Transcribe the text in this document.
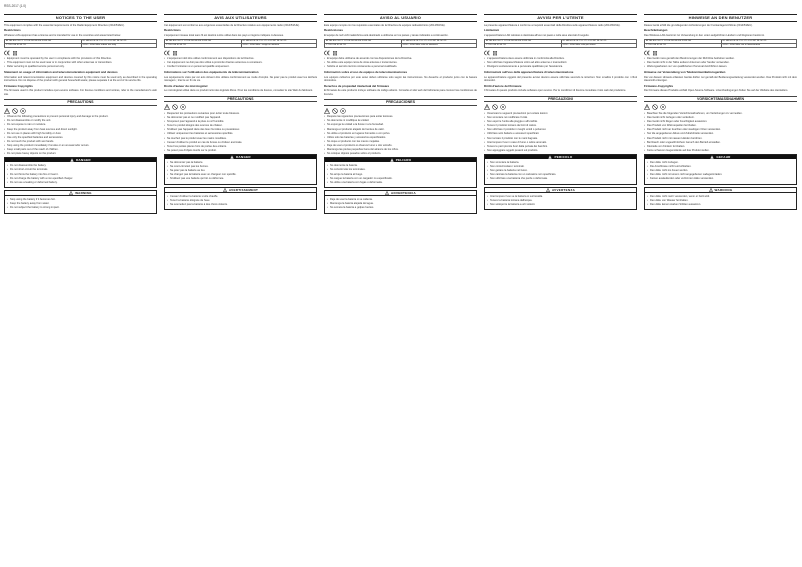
RSS-2017 (1.0)
NOTICES TO THE USER
This equipment complies with the essential requirements of the Radio Equipment Directive (2014/53/EU).
Restrictions
Wireless LAN equipment has a license and is intended for use in the countries and areas listed below.
AT BE BG CH CY CZ DE DK EE ES FI FR GB	EL HR HU IE IS IT LI LT LU LV MT NL NO PL
PT RO SE SI SK TR	5150 – 5350 MHz: indoor use only
• Equipment must be operated by the user in compliance with the provisions of this Directive.
• This equipment must not be used near or in conjunction with other antennas or transmitters.
• Refer servicing to qualified service personnel only.
Statement on usage of information and telecommunication equipment and devices
Information and telecommunication equipment and devices covered by this notice must be used only as described in the operating instructions. Do not dispose of the product with general household waste; please separate it at the end of its service life.
Firmware Copyrights
The firmware used in this product includes open-source software. For license conditions and notices, refer to the manufacturer's web site.
PRECAUTIONS
• Observe the following precautions to prevent personal injury and damage to the product.
• Do not disassemble or modify the unit.
• Do not expose to rain or moisture.
• Keep the product away from heat sources and direct sunlight.
• Do not use in places with high humidity or dust.
• Use only the specified batteries and accessories.
• Do not touch the product with wet hands.
• Stop using the product immediately if smoke or an unusual odor occurs.
• Keep small parts out of the reach of children.
• Do not place heavy objects on the product.
DANGER
• Do not disassemble the battery.
• Do not short-circuit the terminals.
• Do not throw the battery into fire or heat it.
• Do not charge the battery with a non-specified charger.
• Do not use a leaking or deformed battery.
WARNING
• Stop using the battery if it becomes hot.
• Keep the battery away from water.
• Do not subject the battery to strong impact.
AVIS AUX UTILISATEURS
Cet équipement est conforme aux exigences essentielles de la Directive relative aux équipements radio (2014/53/UE).
Restrictions
L'équipement réseau local sans fil est destiné à être utilisé dans les pays et régions indiqués ci-dessous.
AT BE BG CH CY CZ DE DK EE ES FI FR GB	EL HR HU IE IS IT LI LT LU LV MT NL NO PL
PT RO SE SI SK TR	5150 – 5350 MHz : usage en intérieur
• L'équipement doit être utilisé conformément aux dispositions de la Directive.
• Cet équipement ne doit pas être utilisé à proximité d'autres antennes ou émetteurs.
• Confiez l'entretien à un personnel qualifié uniquement.
Informations sur l'utilisation des équipements de télécommunication
Les équipements visés par cet avis doivent être utilisés conformément au mode d'emploi. Ne jetez pas le produit avec les déchets ménagers ; triez-le en fin de vie.
Droits d'auteur du micrologiciel
Le micrologiciel utilisé dans ce produit inclut des logiciels libres. Pour les conditions de licence, consultez le site Web du fabricant.
PRÉCAUTIONS
• Respectez les précautions suivantes pour éviter toute blessure.
• Ne démontez pas et ne modifiez pas l'appareil.
• N'exposez pas l'appareil à la pluie ou à l'humidité.
• Tenez le produit éloigné des sources de chaleur.
• N'utilisez pas l'appareil dans des lieux humides ou poussiéreux.
• Utilisez uniquement les batteries et accessoires spécifiés.
• Ne touchez pas le produit avec les mains mouillées.
• Cessez d'utiliser le produit en cas de fumée ou d'odeur anormale.
• Tenez les petites pièces hors de portée des enfants.
• Ne posez pas d'objets lourds sur le produit.
DANGER
• Ne démontez pas la batterie.
• Ne court-circuitez pas les bornes.
• Ne jetez pas la batterie au feu.
• Ne chargez pas la batterie avec un chargeur non spécifié.
• N'utilisez pas une batterie qui fuit ou déformée.
AVERTISSEMENT
• Cessez d'utiliser la batterie si elle chauffe.
• Tenez la batterie éloignée de l'eau.
• Ne soumettez pas la batterie à des chocs violents.
AVISO AL USUARIO
Este equipo cumple con los requisitos esenciales de la Directiva de equipos radioeléctricos (2014/53/UE).
Restricciones
El equipo de red LAN inalámbrica está destinado a utilizarse en los países y áreas indicados a continuación.
AT BE BG CH CY CZ DE DK EE ES FI FR GB	EL HR HU IE IS IT LI LT LU LV MT NL NO PL
PT RO SE SI SK TR	5150 – 5350 MHz: solo en interiores
• El equipo debe utilizarse de acuerdo con las disposiciones de la Directiva.
• No utilice este equipo cerca de otras antenas o transmisores.
• Solicite el servicio técnico únicamente a personal cualificado.
Información sobre el uso de equipos de telecomunicaciones
Los equipos cubiertos por este aviso deben utilizarse solo según las instrucciones. No deseche el producto junto con la basura doméstica.
Derechos de propiedad intelectual del firmware
El firmware de este producto incluye software de código abierto. Consulte el sitio web del fabricante para conocer las condiciones de licencia.
PRECAUCIONES
• Respete las siguientes precauciones para evitar lesiones.
• No desmonte ni modifique la unidad.
• No exponga la unidad a la lluvia ni a la humedad.
• Mantenga el producto alejado de fuentes de calor.
• No utilice el producto en lugares húmedos o con polvo.
• Utilice solo las baterías y accesorios especificados.
• No toque el producto con las manos mojadas.
• Deje de usar el producto si observa humo u olor extraño.
• Mantenga las piezas pequeñas fuera del alcance de los niños.
• No coloque objetos pesados sobre el producto.
PELIGRO
• No desmonte la batería.
• No cortocircuite los terminales.
• No arroje la batería al fuego.
• No cargue la batería con un cargador no especificado.
• No utilice una batería con fugas o deformada.
ADVERTENCIA
• Deje de usar la batería si se calienta.
• Mantenga la batería alejada del agua.
• No someta la batería a golpes fuertes.
AVVISI PER L'UTENTE
La presente apparecchiatura è conforme ai requisiti essenziali della Direttiva sulle apparecchiature radio (2014/53/UE).
Limitazioni
L'apparecchiatura LAN wireless è destinata all'uso nei paesi e nelle aree elencati di seguito.
AT BE BG CH CY CZ DE DK EE ES FI FR GB	EL HR HU IE IS IT LI LT LU LV MT NL NO PL
PT RO SE SI SK TR	5150 – 5350 MHz: solo per interni
• L'apparecchiatura deve essere utilizzata in conformità alla Direttiva.
• Non utilizzare l'apparecchiatura vicino ad altre antenne o trasmettitori.
• Rivolgersi esclusivamente a personale qualificato per l'assistenza.
Informazioni sull'uso delle apparecchiature di telecomunicazione
Le apparecchiature oggetto del presente avviso devono essere utilizzate secondo le istruzioni. Non smaltire il prodotto con i rifiuti domestici.
Diritti d'autore del firmware
Il firmware di questo prodotto include software open source. Per le condizioni di licenza consultare il sito web del produttore.
PRECAUZIONI
• Osservare le seguenti precauzioni per evitare lesioni.
• Non smontare né modificare l'unità.
• Non esporre l'unità alla pioggia o all'umidità.
• Tenere il prodotto lontano da fonti di calore.
• Non utilizzare il prodotto in luoghi umidi o polverosi.
• Utilizzare solo batterie e accessori specificati.
• Non toccare il prodotto con le mani bagnate.
• Interrompere l'uso in caso di fumo o odore anomalo.
• Tenere le parti piccole fuori dalla portata dei bambini.
• Non appoggiare oggetti pesanti sul prodotto.
PERICOLO
• Non smontare la batteria.
• Non cortocircuitare i terminali.
• Non gettare la batteria nel fuoco.
• Non caricare la batteria con un caricatore non specificato.
• Non utilizzare una batteria che perde o deformata.
AVVERTENZA
• Interrompere l'uso se la batteria si surriscalda.
• Tenere la batteria lontana dall'acqua.
• Non sottoporre la batteria a urti violenti.
HINWEISE AN DEN BENUTZER
Dieses Gerät erfüllt die grundlegenden Anforderungen der Funkanlagenrichtlinie (2014/53/EU).
Beschränkungen
Das Wireless-LAN-Gerät ist zur Verwendung in den unten aufgeführten Ländern und Regionen bestimmt.
AT BE BG CH CY CZ DE DK EE ES FI FR GB	EL HR HU IE IS IT LI LT LU LV MT NL NO PL
PT RO SE SI SK TR	5150 – 5350 MHz: nur in Innenräumen
• Das Gerät muss gemäß den Bestimmungen der Richtlinie betrieben werden.
• Das Gerät nicht in der Nähe anderer Antennen oder Sender verwenden.
• Wartungsarbeiten nur von qualifiziertem Personal durchführen lassen.
Hinweise zur Verwendung von Telekommunikationsgeräten
Die von diesem Hinweis erfassten Geräte dürfen nur gemäß der Bedienungsanleitung verwendet werden. Das Produkt nicht mit dem Hausmüll entsorgen.
Firmware-Copyrights
Die Firmware dieses Produkts enthält Open-Source-Software. Lizenzbedingungen finden Sie auf der Website des Herstellers.
VORSICHTSMASSNAHMEN
• Beachten Sie die folgenden Vorsichtsmaßnahmen, um Verletzungen zu vermeiden.
• Das Gerät nicht zerlegen oder verändern.
• Das Gerät nicht Regen oder Feuchtigkeit aussetzen.
• Das Produkt von Wärmequellen fernhalten.
• Das Produkt nicht an feuchten oder staubigen Orten verwenden.
• Nur die angegebenen Akkus und Zubehörteile verwenden.
• Das Produkt nicht mit nassen Händen berühren.
• Bei Rauch oder ungewöhnlichem Geruch den Betrieb einstellen.
• Kleinteile von Kindern fernhalten.
• Keine schweren Gegenstände auf das Produkt stellen.
GEFAHR
• Den Akku nicht zerlegen.
• Die Anschlüsse nicht kurzschließen.
• Den Akku nicht ins Feuer werfen.
• Den Akku nicht mit einem nicht angegebenen Ladegerät laden.
• Keinen auslaufenden oder verformten Akku verwenden.
WARNUNG
• Den Akku nicht mehr verwenden, wenn er heiß wird.
• Den Akku von Wasser fernhalten.
• Den Akku keinen starken Stößen aussetzen.
